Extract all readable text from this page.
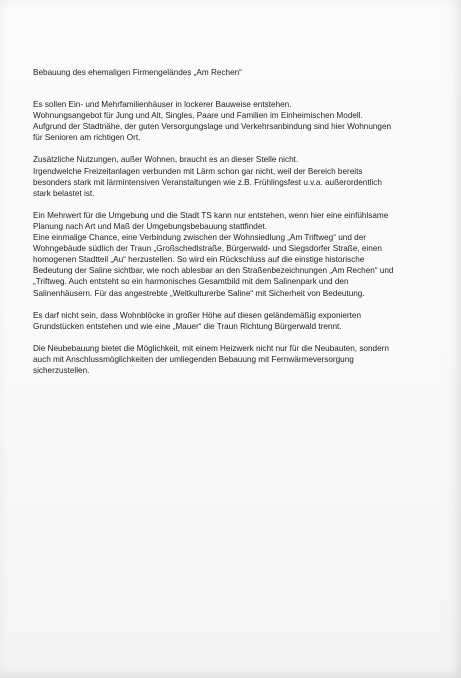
Bebauung des ehemaligen Firmengeländes „Am Rechen“
Es sollen Ein- und Mehrfamilienhäuser in lockerer Bauweise entstehen.
Wohnungsangebot für Jung und Alt, Singles, Paare und Familien im Einheimischen Modell.
Aufgrund der Stadtnähe, der guten Versorgungslage und Verkehrsanbindung sind hier Wohnungen
für Senioren am richtigen Ort.
Zusätzliche Nutzungen, außer Wohnen, braucht es an dieser Stelle nicht.
Irgendwelche Freizeitanlagen verbunden mit Lärm schon gar nicht, weil der Bereich bereits
besonders stark mit lärmintensiven Veranstaltungen wie z.B. Frühlingsfest u.v.a. außerordentlich
stark belastet ist.
Ein Mehrwert für die Umgebung und die Stadt TS kann nur entstehen, wenn hier eine einfühlsame
Planung nach Art und Maß der Umgebungsbebauung stattfindet.
Eine einmalige Chance, eine Verbindung zwischen der Wohnsiedlung „Am Triftweg“ und der
Wohngebäude südlich der Traun „Großschedlstraße, Bürgerwald- und Siegsdorfer Straße, einen
homogenen Stadtteil „Au“ herzustellen. So wird ein Rückschluss auf die einstige historische
Bedeutung der Saline sichtbar, wie noch ablesbar an den Straßenbezeichnungen „Am Rechen“ und
„Triftweg. Auch entsteht so ein harmonisches Gesamtbild mit dem Salinenpark und den
Salinenhäusern. Für das angestrebte „Weltkulturerbe Saline“ mit Sicherheit von Bedeutung.
Es darf nicht sein, dass Wohnblöcke in großer Höhe auf diesen geländemäßig exponierten
Grundstücken entstehen und wie eine „Mauer“ die Traun Richtung Bürgerwald trennt.
Die Neubebauung bietet die Möglichkeit, mit einem Heizwerk nicht nur für die Neubauten, sondern
auch mit Anschlussmöglichkeiten der umliegenden Bebauung mit Fernwärmeversorgung
sicherzustellen.
